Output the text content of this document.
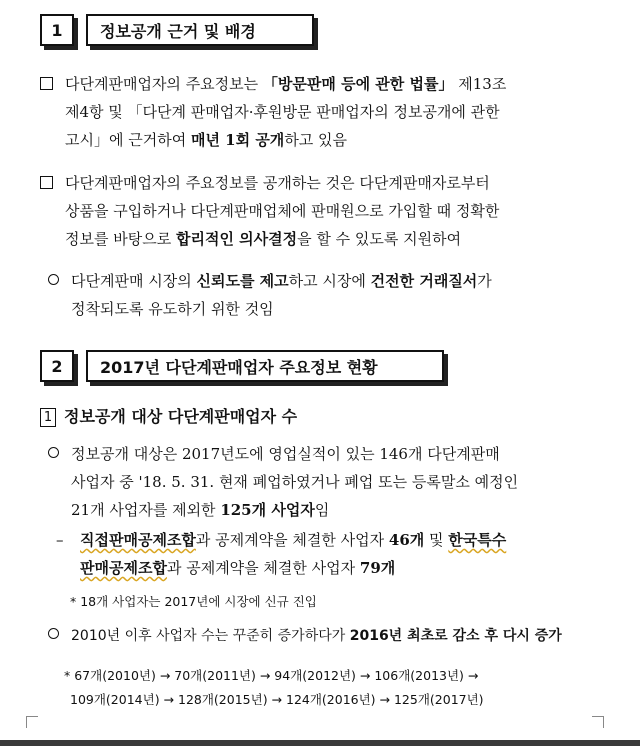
1	정보공개 근거 및 배경
다단계판매업자의 주요정보는 「방문판매 등에 관한 법률」 제13조
제4항 및 「다단계 판매업자·후원방문 판매업자의 정보공개에 관한
고시」에 근거하여 매년 1회 공개하고 있음
다단계판매업자의 주요정보를 공개하는 것은 다단계판매자로부터
상품을 구입하거나 다단계판매업체에 판매원으로 가입할 때 정확한
정보를 바탕으로 합리적인 의사결정을 할 수 있도록 지원하여
다단계판매 시장의 신뢰도를 제고하고 시장에 건전한 거래질서가
정착되도록 유도하기 위한 것임
2	2017년 다단계판매업자 주요정보 현황
1 정보공개 대상 다단계판매업자 수
정보공개 대상은 2017년도에 영업실적이 있는 146개 다단계판매
사업자 중 '18. 5. 31. 현재 폐업하였거나 폐업 또는 등록말소 예정인
21개 사업자를 제외한 125개 사업자임
– 직접판매공제조합과 공제계약을 체결한 사업자 46개 및 한국특수
판매공제조합과 공제계약을 체결한 사업자 79개
* 18개 사업자는 2017년에 시장에 신규 진입
2010년 이후 사업자 수는 꾸준히 증가하다가 2016년 최초로 감소 후 다시 증가
* 67개(2010년) → 70개(2011년) → 94개(2012년) → 106개(2013년) →
109개(2014년) → 128개(2015년) → 124개(2016년) → 125개(2017년)
